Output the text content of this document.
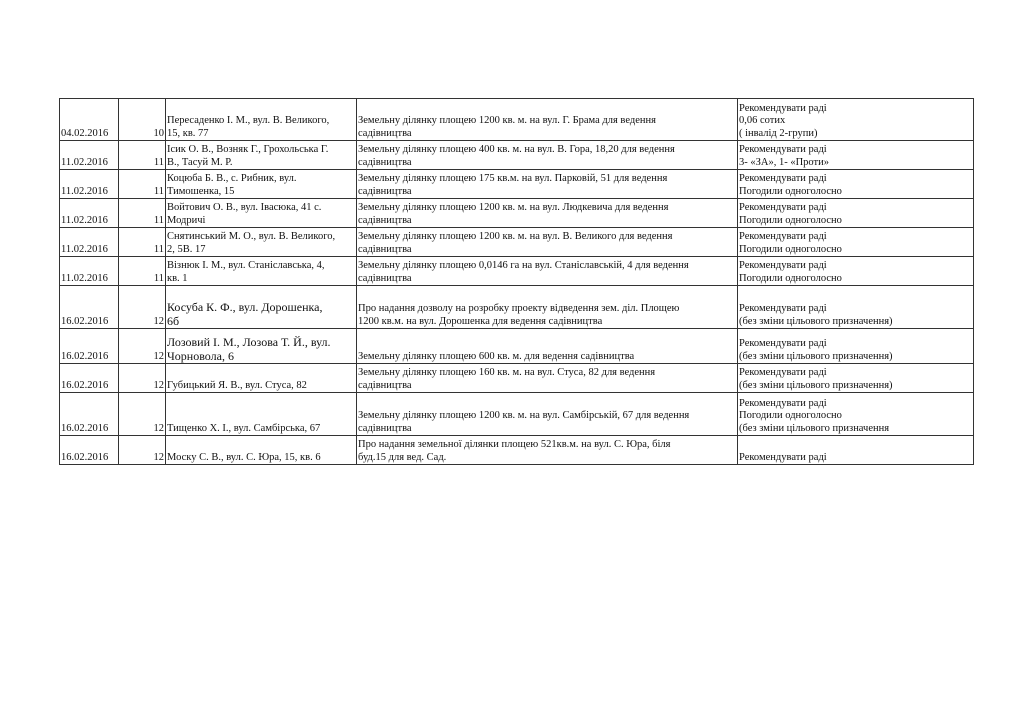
04.02.2016	10	Пересаденко І. М., вул. В. Великого,
15, кв. 77	Земельну ділянку площею 1200 кв. м. на вул. Г. Брама для ведення
садівництва	Рекомендувати раді
0,06 сотих
( інвалід 2-групи)
11.02.2016	11	Ісик О. В., Возняк Г., Грохольська Г.
В., Тасуй М. Р.	Земельну ділянку площею 400 кв. м. на вул. В. Гора, 18,20 для ведення
садівництва	Рекомендувати раді
3- «ЗА», 1- «Проти»
11.02.2016	11	Коцюба Б. В., с. Рибник, вул.
Тимошенка, 15	Земельну ділянку площею 175 кв.м. на вул. Парковій, 51 для ведення
садівництва	Рекомендувати раді
Погодили одноголосно
11.02.2016	11	Войтович О. В., вул. Івасюка, 41 с.
Модричі	Земельну ділянку площею 1200 кв. м. на вул. Людкевича для ведення
садівництва	Рекомендувати раді
Погодили одноголосно
11.02.2016	11	Снятинський М. О., вул. В. Великого,
2, 5В. 17	Земельну ділянку площею 1200 кв. м. на вул. В. Великого для ведення
садівництва	Рекомендувати раді
Погодили одноголосно
11.02.2016	11	Візнюк І. М., вул. Станіславська, 4,
кв. 1	Земельну ділянку площею 0,0146 га на вул. Станіславській, 4 для ведення
садівництва	Рекомендувати раді
Погодили одноголосно
16.02.2016	12	Косуба К. Ф., вул. Дорошенка,
6б	Про надання дозволу на розробку проекту відведення зем. діл. Площею
1200 кв.м. на вул. Дорошенка для ведення садівництва	Рекомендувати раді
(без зміни цільового призначення)
16.02.2016	12	Лозовий І. М., Лозова Т. Й., вул.
Чорновола, 6	Земельну ділянку площею 600 кв. м. для ведення садівництва	Рекомендувати раді
(без зміни цільового призначення)
16.02.2016	12	Губицький Я. В., вул. Стуса, 82	Земельну ділянку площею 160 кв. м. на вул. Стуса, 82 для ведення
садівництва	Рекомендувати раді
(без зміни цільового призначення)
16.02.2016	12	Тищенко Х. І., вул. Самбірська, 67	Земельну ділянку площею 1200 кв. м. на вул. Самбірській, 67 для ведення
садівництва	Рекомендувати раді
Погодили одноголосно
(без зміни цільового призначення
16.02.2016	12	Моску С. В., вул. С. Юра, 15, кв. 6	Про надання земельної ділянки площею 521кв.м. на вул. С. Юра, біля
буд.15 для вед. Сад.	Рекомендувати раді
